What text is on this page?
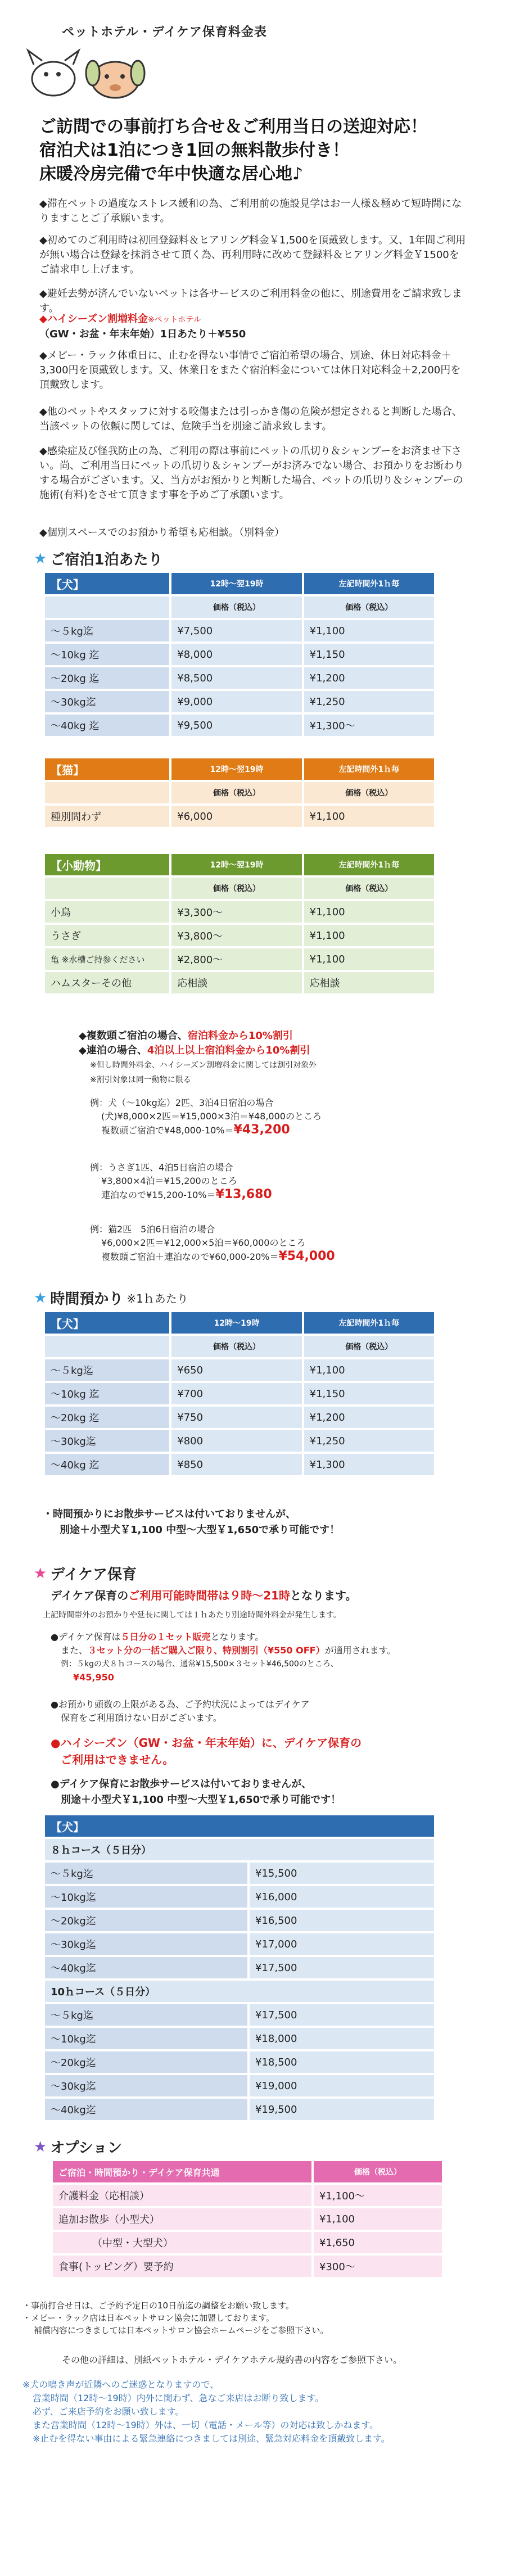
ペットホテル・デイケア保育料金表
ご訪問での事前打ち合せ＆ご利用当日の送迎対応！
宿泊犬は1泊につき1回の無料散歩付き！
床暖冷房完備で年中快適な居心地♪
◆滞在ペットの過度なストレス緩和の為、ご利用前の施設見学はお一人様＆極めて短時間になりますことご了承願います。
◆初めてのご利用時は初回登録料＆ヒアリング料金￥1,500を頂戴致します。又、1年間ご利用が無い場合は登録を抹消させて頂く為、再利用時に改めて登録料＆ヒアリング料金￥1500をご請求申し上げます。
◆避妊去勢が済んでいないペットは各サービスのご利用料金の他に、別途費用をご請求致します。
◆ハイシーズン割増料金※ペットホテル
（GW・お盆・年末年始）1日あたり＋¥550
◆メピー・ラック体重日に、止むを得ない事情でご宿泊希望の場合、別途、休日対応料金＋3,300円を頂戴致します。又、休業日をまたぐ宿泊料金については休日対応料金＋2,200円を頂戴致します。
◆他のペットやスタッフに対する咬傷または引っかき傷の危険が想定されると判断した場合、当該ペットの依頼に関しては、危険手当を別途ご請求致します。
◆感染症及び怪我防止の為、ご利用の際は事前にペットの爪切り＆シャンプーをお済ませ下さい。尚、ご利用当日にペットの爪切り＆シャンプーがお済みでない場合、お預かりをお断わりする場合がございます。又、当方がお預かりと判断した場合、ペットの爪切り＆シャンプーの施術(有料)をさせて頂きます事を予めご了承願います。
◆個別スペースでのお預かり希望も応相談。（別料金）
★ ご宿泊1泊あたり
【犬】	12時〜翌19時	左記時間外1ｈ毎
	価格（税込）	価格（税込）
〜５kg迄	¥7,500	¥1,100
〜10kg 迄	¥8,000	¥1,150
〜20kg 迄	¥8,500	¥1,200
〜30kg迄	¥9,000	¥1,250
〜40kg 迄	¥9,500	¥1,300〜
【猫】	12時〜翌19時	左記時間外1ｈ毎
	価格（税込）	価格（税込）
種別問わず	¥6,000	¥1,100
【小動物】	12時〜翌19時	左記時間外1ｈ毎
	価格（税込）	価格（税込）
小鳥	¥3,300〜	¥1,100
うさぎ	¥3,800〜	¥1,100
亀 ※水槽ご持参ください	¥2,800〜	¥1,100
ハムスターその他	応相談	応相談
◆複数頭ご宿泊の場合、宿泊料金から10%割引
◆連泊の場合、4泊以上以上宿泊料金から10%割引
※但し時間外料金、ハイシーズン割増料金に関しては割引対象外
※割引対象は同一動物に限る
例：犬（〜10kg迄）2匹、3泊4日宿泊の場合
(犬)¥8,000×2匹＝¥15,000×3泊＝¥48,000のところ
複数頭ご宿泊で¥48,000-10%＝¥43,200
例：うさぎ1匹、4泊5日宿泊の場合
¥3,800×4泊＝¥15,200のところ
連泊なので¥15,200-10%＝¥13,680
例：猫2匹　5泊6日宿泊の場合
¥6,000×2匹＝¥12,000×5泊＝¥60,000のところ
複数頭ご宿泊＋連泊なので¥60,000-20%＝¥54,000
★ 時間預かり ※1ｈあたり
【犬】	12時〜19時	左記時間外1ｈ毎
	価格（税込）	価格（税込）
〜５kg迄	¥650	¥1,100
〜10kg 迄	¥700	¥1,150
〜20kg 迄	¥750	¥1,200
〜30kg迄	¥800	¥1,250
〜40kg 迄	¥850	¥1,300
・時間預かりにお散歩サービスは付いておりませんが、
別途＋小型犬￥1,100 中型〜大型￥1,650で承り可能です！
★ デイケア保育
デイケア保育のご利用可能時間帯は９時〜21時となります。
上記時間帯外のお預かりや延長に関しては１ｈあたり別途時間外料金が発生します。
●デイケア保育は５日分の１セット販売となります。
また、３セット分の一括ご購入ご限り、特別割引（¥550 OFF）が適用されます。
例：５kgの犬８ｈコースの場合、通常¥15,500×３セット¥46,500のところ、
¥45,950
●お預かり頭数の上限がある為、ご予約状況によってはデイケア
保育をご利用頂けない日がございます。
●ハイシーズン（GW・お盆・年末年始）に、デイケア保育の
ご利用はできません。
●デイケア保育にお散歩サービスは付いておりませんが、
別途＋小型犬￥1,100 中型〜大型￥1,650で承り可能です！
【犬】	
８ｈコース（５日分）	
〜５kg迄	¥15,500
〜10kg迄	¥16,000
〜20kg迄	¥16,500
〜30kg迄	¥17,000
〜40kg迄	¥17,500
10ｈコース（５日分）	
〜５kg迄	¥17,500
〜10kg迄	¥18,000
〜20kg迄	¥18,500
〜30kg迄	¥19,000
〜40kg迄	¥19,500
★ オプション
ご宿泊・時間預かり・デイケア保育共通	価格（税込）
介護料金（応相談）	¥1,100〜
追加お散歩（小型犬）	¥1,100
（中型・大型犬）	¥1,650
食事(トッピング）要予約	¥300〜
・事前打合せ日は、ご予約予定日の10日前迄の調整をお願い致します。
・メピー・ラック店は日本ペットサロン協会に加盟しております。
補償内容につきましては日本ペットサロン協会ホームページをご参照下さい。
その他の詳細は、別紙ペットホテル・デイケアホテル規約書の内容をご参照下さい。
※犬の鳴き声が近隣へのご迷惑となりますので、
営業時間（12時〜19時）内外に関わず、急なご来店はお断り致します。
必ず、ご来店予約をお願い致します。
また営業時間（12時〜19時）外は、一切（電話・メール等）の対応は致しかねます。
※止むを得ない事由による緊急連絡につきましては別途、緊急対応料金を頂戴致します。
